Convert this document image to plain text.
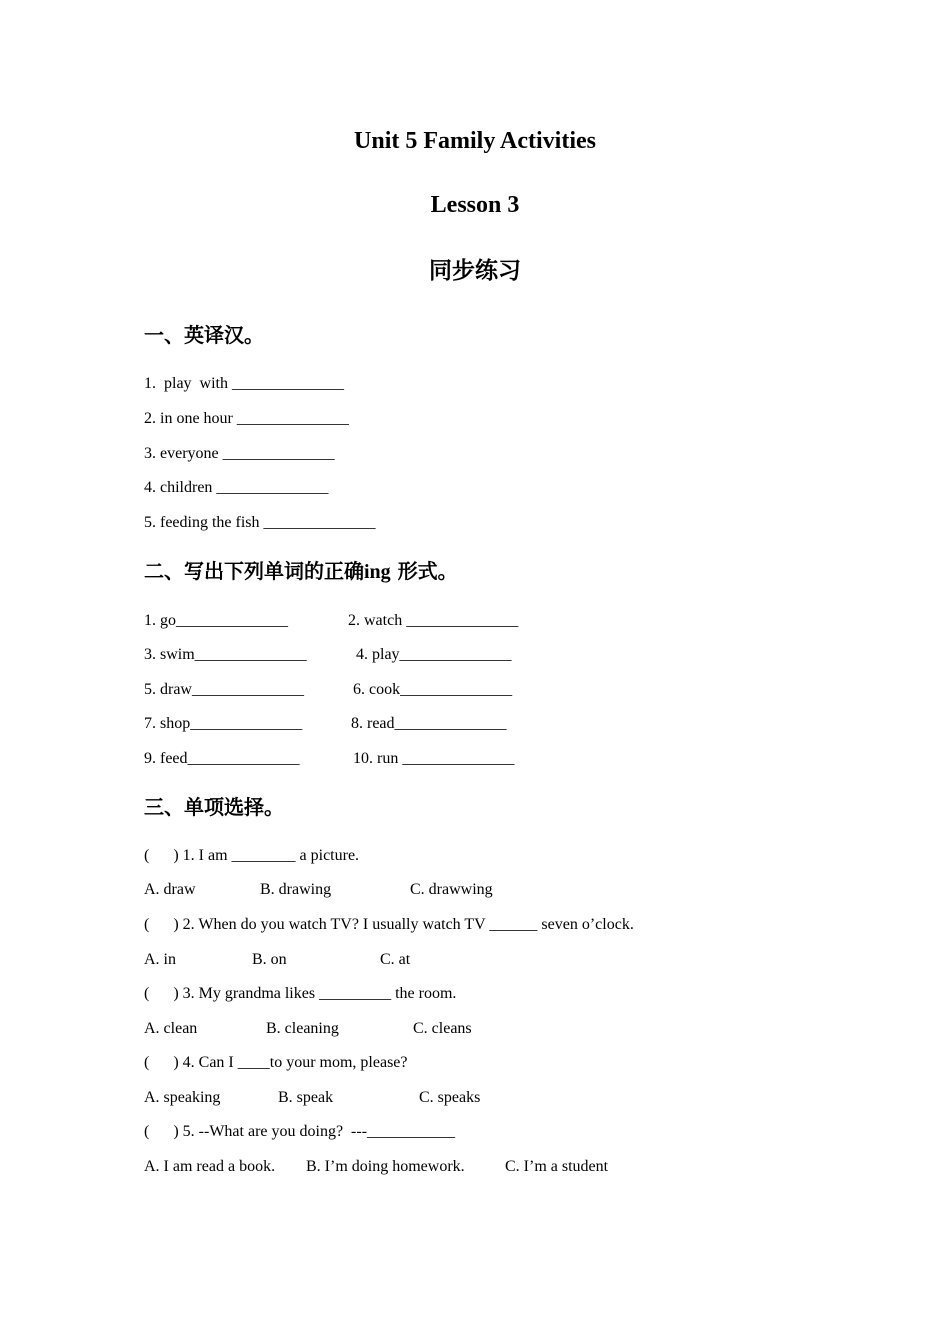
Unit 5 Family Activities
Lesson 3
同步练习
一、英译汉。
1.  play  with ______________
2. in one hour ______________
3. everyone ______________
4. children ______________
5. feeding the fish ______________
二、写出下列单词的正确ing 形式。
1. go______________	2. watch ______________
3. swim______________	4. play______________
5. draw______________	6. cook______________
7. shop______________	8. read______________
9. feed______________	10. run ______________
三、单项选择。
(      ) 1. I am ________ a picture.
A. draw	B. drawing	C. drawwing
(      ) 2. When do you watch TV? I usually watch TV ______ seven o’clock.
A. in	B. on	C. at
(      ) 3. My grandma likes _________ the room.
A. clean	B. cleaning	C. cleans
(      ) 4. Can I ____to your mom, please?
A. speaking	B. speak	C. speaks
(      ) 5. --What are you doing?  ---___________
A. I am read a book. B. I’m doing homework.	C. I’m a student
